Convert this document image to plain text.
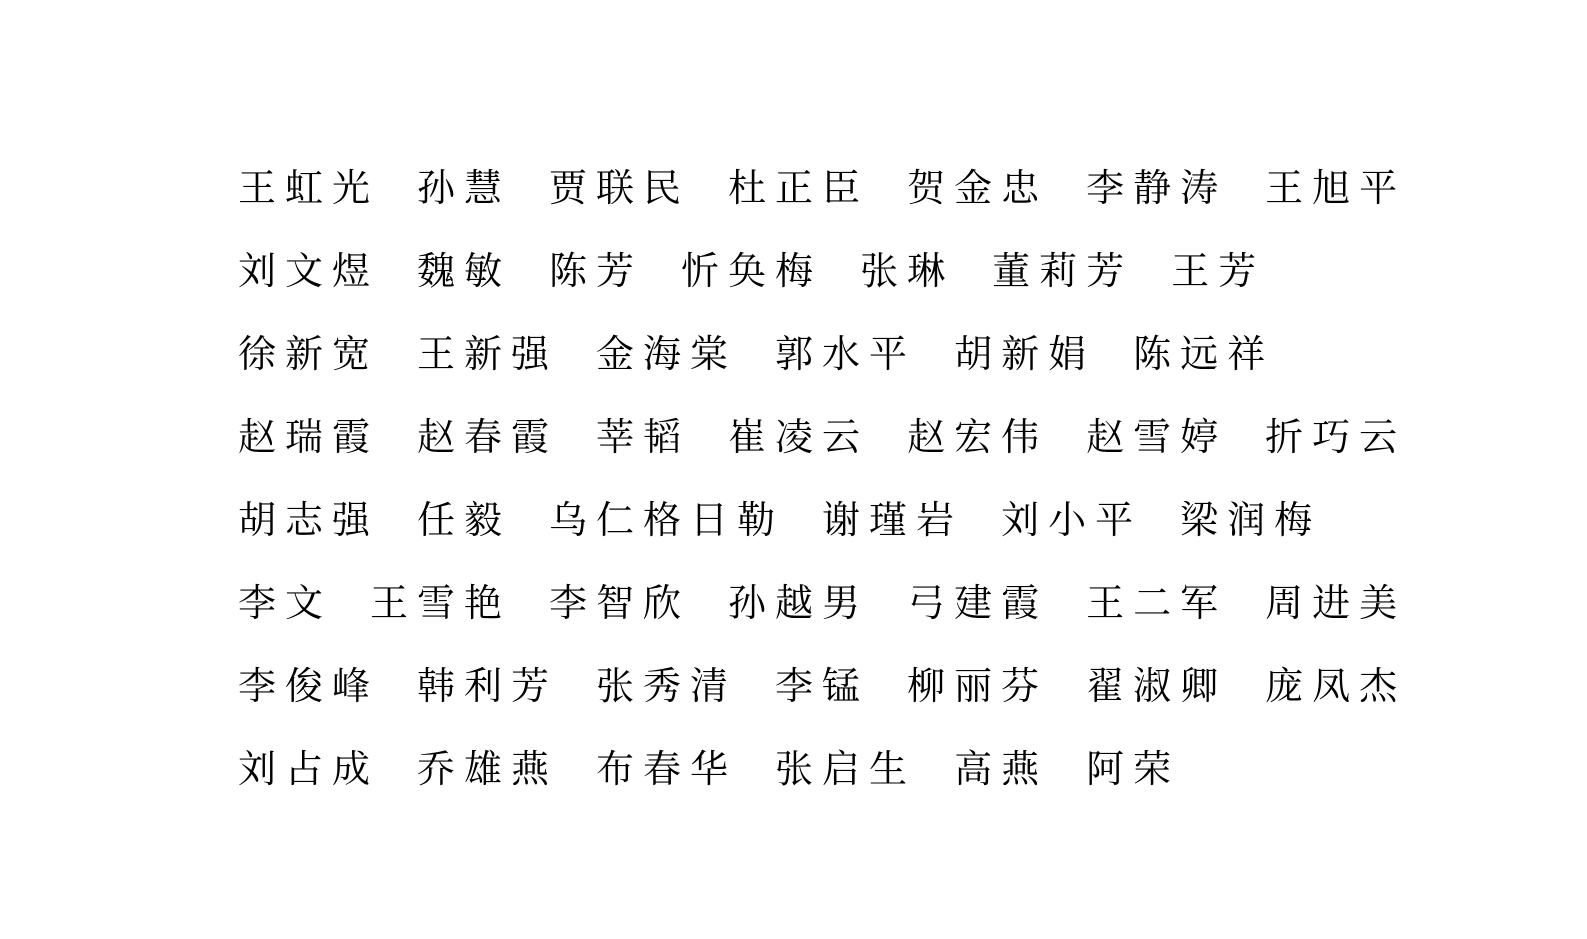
王虹光 孙慧 贾联民 杜正臣 贺金忠 李静涛 王旭平
刘文煜 魏敏 陈芳 忻奂梅 张琳 董莉芳 王芳
徐新宽 王新强 金海棠 郭水平 胡新娟 陈远祥
赵瑞霞 赵春霞 莘韬 崔凌云 赵宏伟 赵雪婷 折巧云
胡志强 任毅 乌仁格日勒 谢瑾岩 刘小平 梁润梅
李文 王雪艳 李智欣 孙越男 弓建霞 王二军 周进美
李俊峰 韩利芳 张秀清 李锰 柳丽芬 翟淑卿 庞凤杰
刘占成 乔雄燕 布春华 张启生 高燕 阿荣
